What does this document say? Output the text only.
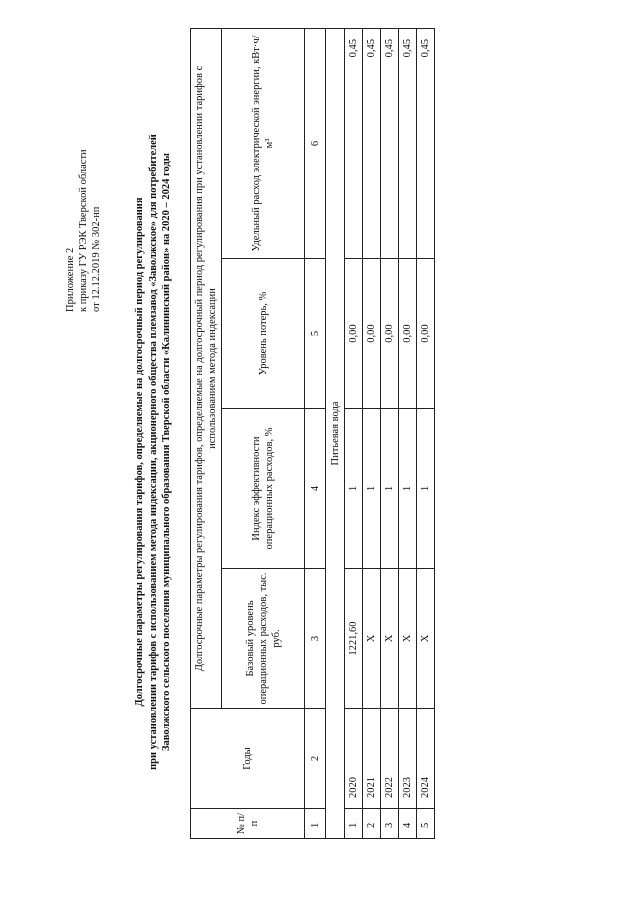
Приложение 2 к приказу ГУ РЭК Тверской области от 12.12.2019 № 302-нп	Долгосрочные параметры регулирования тарифов, определяемые на долгосрочный период регулирования при установлении тарифов с использованием метода индексации, акционерного общества племзавод «Заволжское» для потребителей Заволжского сельского поселения муниципального образования Тверской области «Калининский район» на 2020 – 2024 годы
№ п/п	Годы	Долгосрочные параметры регулирования тарифов, определяемые на долгосрочный период регулирования при установлении тарифов с использованием метода индексации			
		Базовый уровень операционных расходов, тыс. руб.	Индекс эффективности операционных расходов, %	Уровень потерь, %	Удельный расход электрической энергии, кВт·ч/м³
1	2	3	4	5	6
Питьевая вода					
1	2020	1221,60	1	0,00	0,45
2	2021	Х	1	0,00	0,45
3	2022	Х	1	0,00	0,45
4	2023	Х	1	0,00	0,45
5	2024	Х	1	0,00	0,45
